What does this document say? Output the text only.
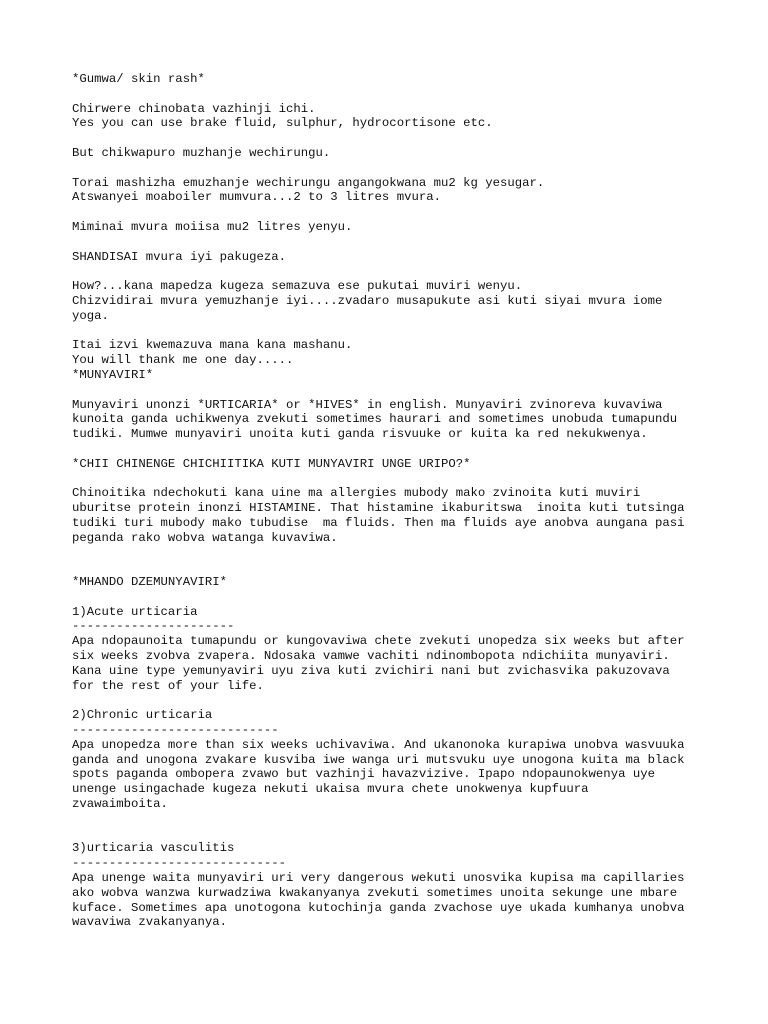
*Gumwa/ skin rash*

Chirwere chinobata vazhinji ichi.
Yes you can use brake fluid, sulphur, hydrocortisone etc.

But chikwapuro muzhanje wechirungu.

Torai mashizha emuzhanje wechirungu angangokwana mu2 kg yesugar.
Atswanyei moaboiler mumvura...2 to 3 litres mvura.

Miminai mvura moiisa mu2 litres yenyu.

SHANDISAI mvura iyi pakugeza.

How?...kana mapedza kugeza semazuva ese pukutai muviri wenyu.
Chizvidirai mvura yemuzhanje iyi....zvadaro musapukute asi kuti siyai mvura iome
yoga.

Itai izvi kwemazuva mana kana mashanu.
You will thank me one day.....
*MUNYAVIRI*

Munyaviri unonzi *URTICARIA* or *HIVES* in english. Munyaviri zvinoreva kuvaviwa
kunoita ganda uchikwenya zvekuti sometimes haurari and sometimes unobuda tumapundu
tudiki. Mumwe munyaviri unoita kuti ganda risvuuke or kuita ka red nekukwenya.

*CHII CHINENGE CHICHIITIKA KUTI MUNYAVIRI UNGE URIPO?*

Chinoitika ndechokuti kana uine ma allergies mubody mako zvinoita kuti muviri
uburitse protein inonzi HISTAMINE. That histamine ikaburitswa  inoita kuti tutsinga
tudiki turi mubody mako tubudise  ma fluids. Then ma fluids aye anobva aungana pasi
peganda rako wobva watanga kuvaviwa.

*MHANDO DZEMUNYAVIRI*

1)Acute urticaria

----------------------

Apa ndopaunoita tumapundu or kungovaviwa chete zvekuti unopedza six weeks but after
six weeks zvobva zvapera. Ndosaka vamwe vachiti ndinombopota ndichiita munyaviri.
Kana uine type yemunyaviri uyu ziva kuti zvichiri nani but zvichasvika pakuzovava
for the rest of your life.

2)Chronic urticaria

----------------------------

Apa unopedza more than six weeks uchivaviwa. And ukanonoka kurapiwa unobva wasvuuka
ganda and unogona zvakare kusviba iwe wanga uri mutsvuku uye unogona kuita ma black
spots paganda ombopera zvawo but vazhinji havazvizive. Ipapo ndopaunokwenya uye
unenge usingachade kugeza nekuti ukaisa mvura chete unokwenya kupfuura
zvawaimboita.

3)urticaria vasculitis

-----------------------------

Apa unenge waita munyaviri uri very dangerous wekuti unosvika kupisa ma capillaries
ako wobva wanzwa kurwadziwa kwakanyanya zvekuti sometimes unoita sekunge une mbare
kuface. Sometimes apa unotogona kutochinja ganda zvachose uye ukada kumhanya unobva
wavaviwa zvakanyanya.
